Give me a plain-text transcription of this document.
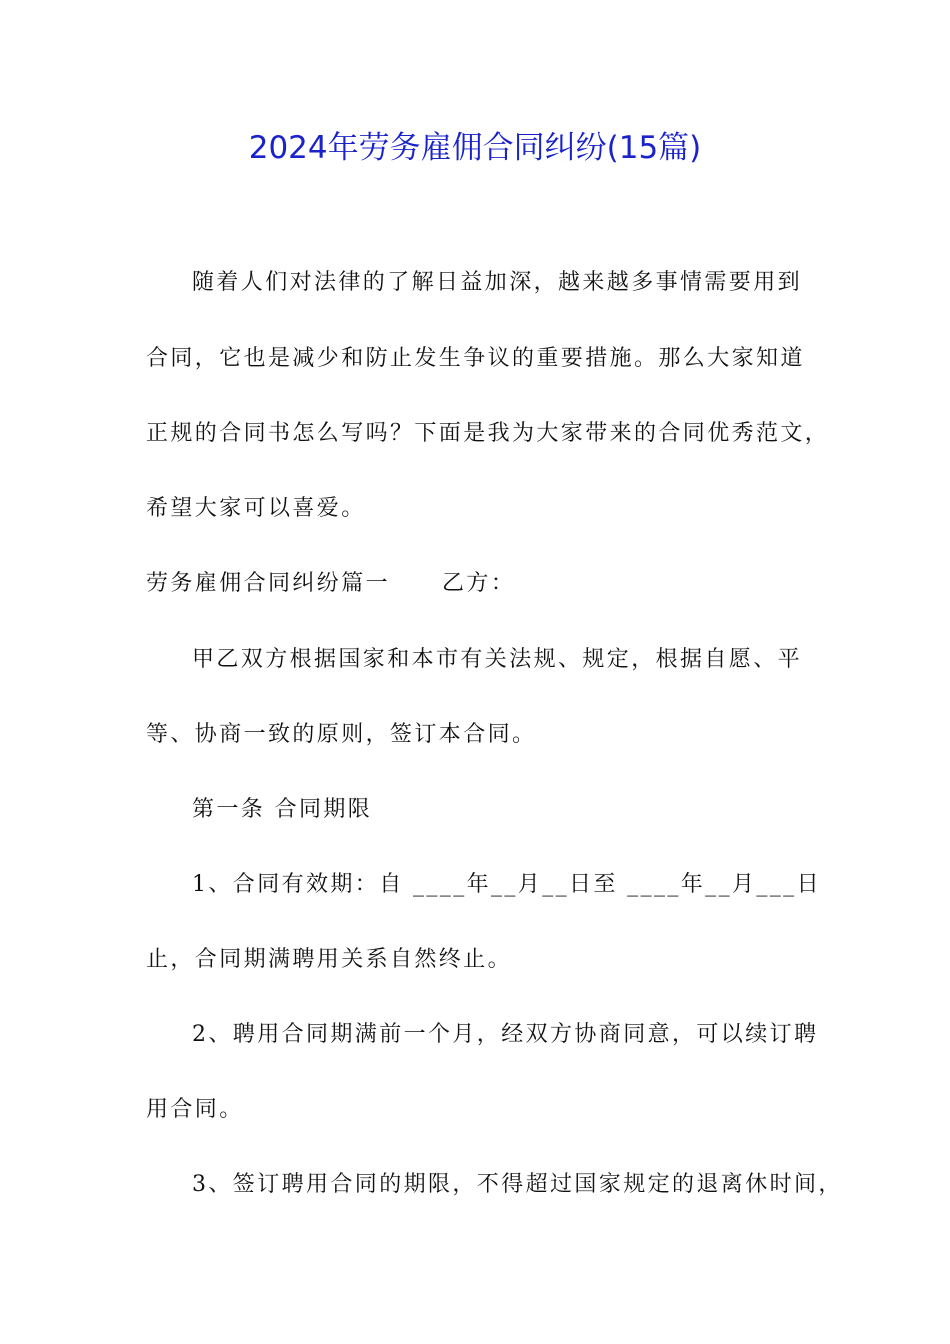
2024年劳务雇佣合同纠纷(15篇)
随着人们对法律的了解日益加深，越来越多事情需要用到
合同，它也是减少和防止发生争议的重要措施。那么大家知道
正规的合同书怎么写吗？下面是我为大家带来的合同优秀范文，
希望大家可以喜爱。
劳务雇佣合同纠纷篇一 乙方：
甲乙双方根据国家和本市有关法规、规定，根据自愿、平
等、协商一致的原则，签订本合同。
第一条 合同期限
1、合同有效期：自 ____年__月__日至 ____年__月___日
止，合同期满聘用关系自然终止。
2、聘用合同期满前一个月，经双方协商同意，可以续订聘
用合同。
3、签订聘用合同的期限，不得超过国家规定的退离休时间，
